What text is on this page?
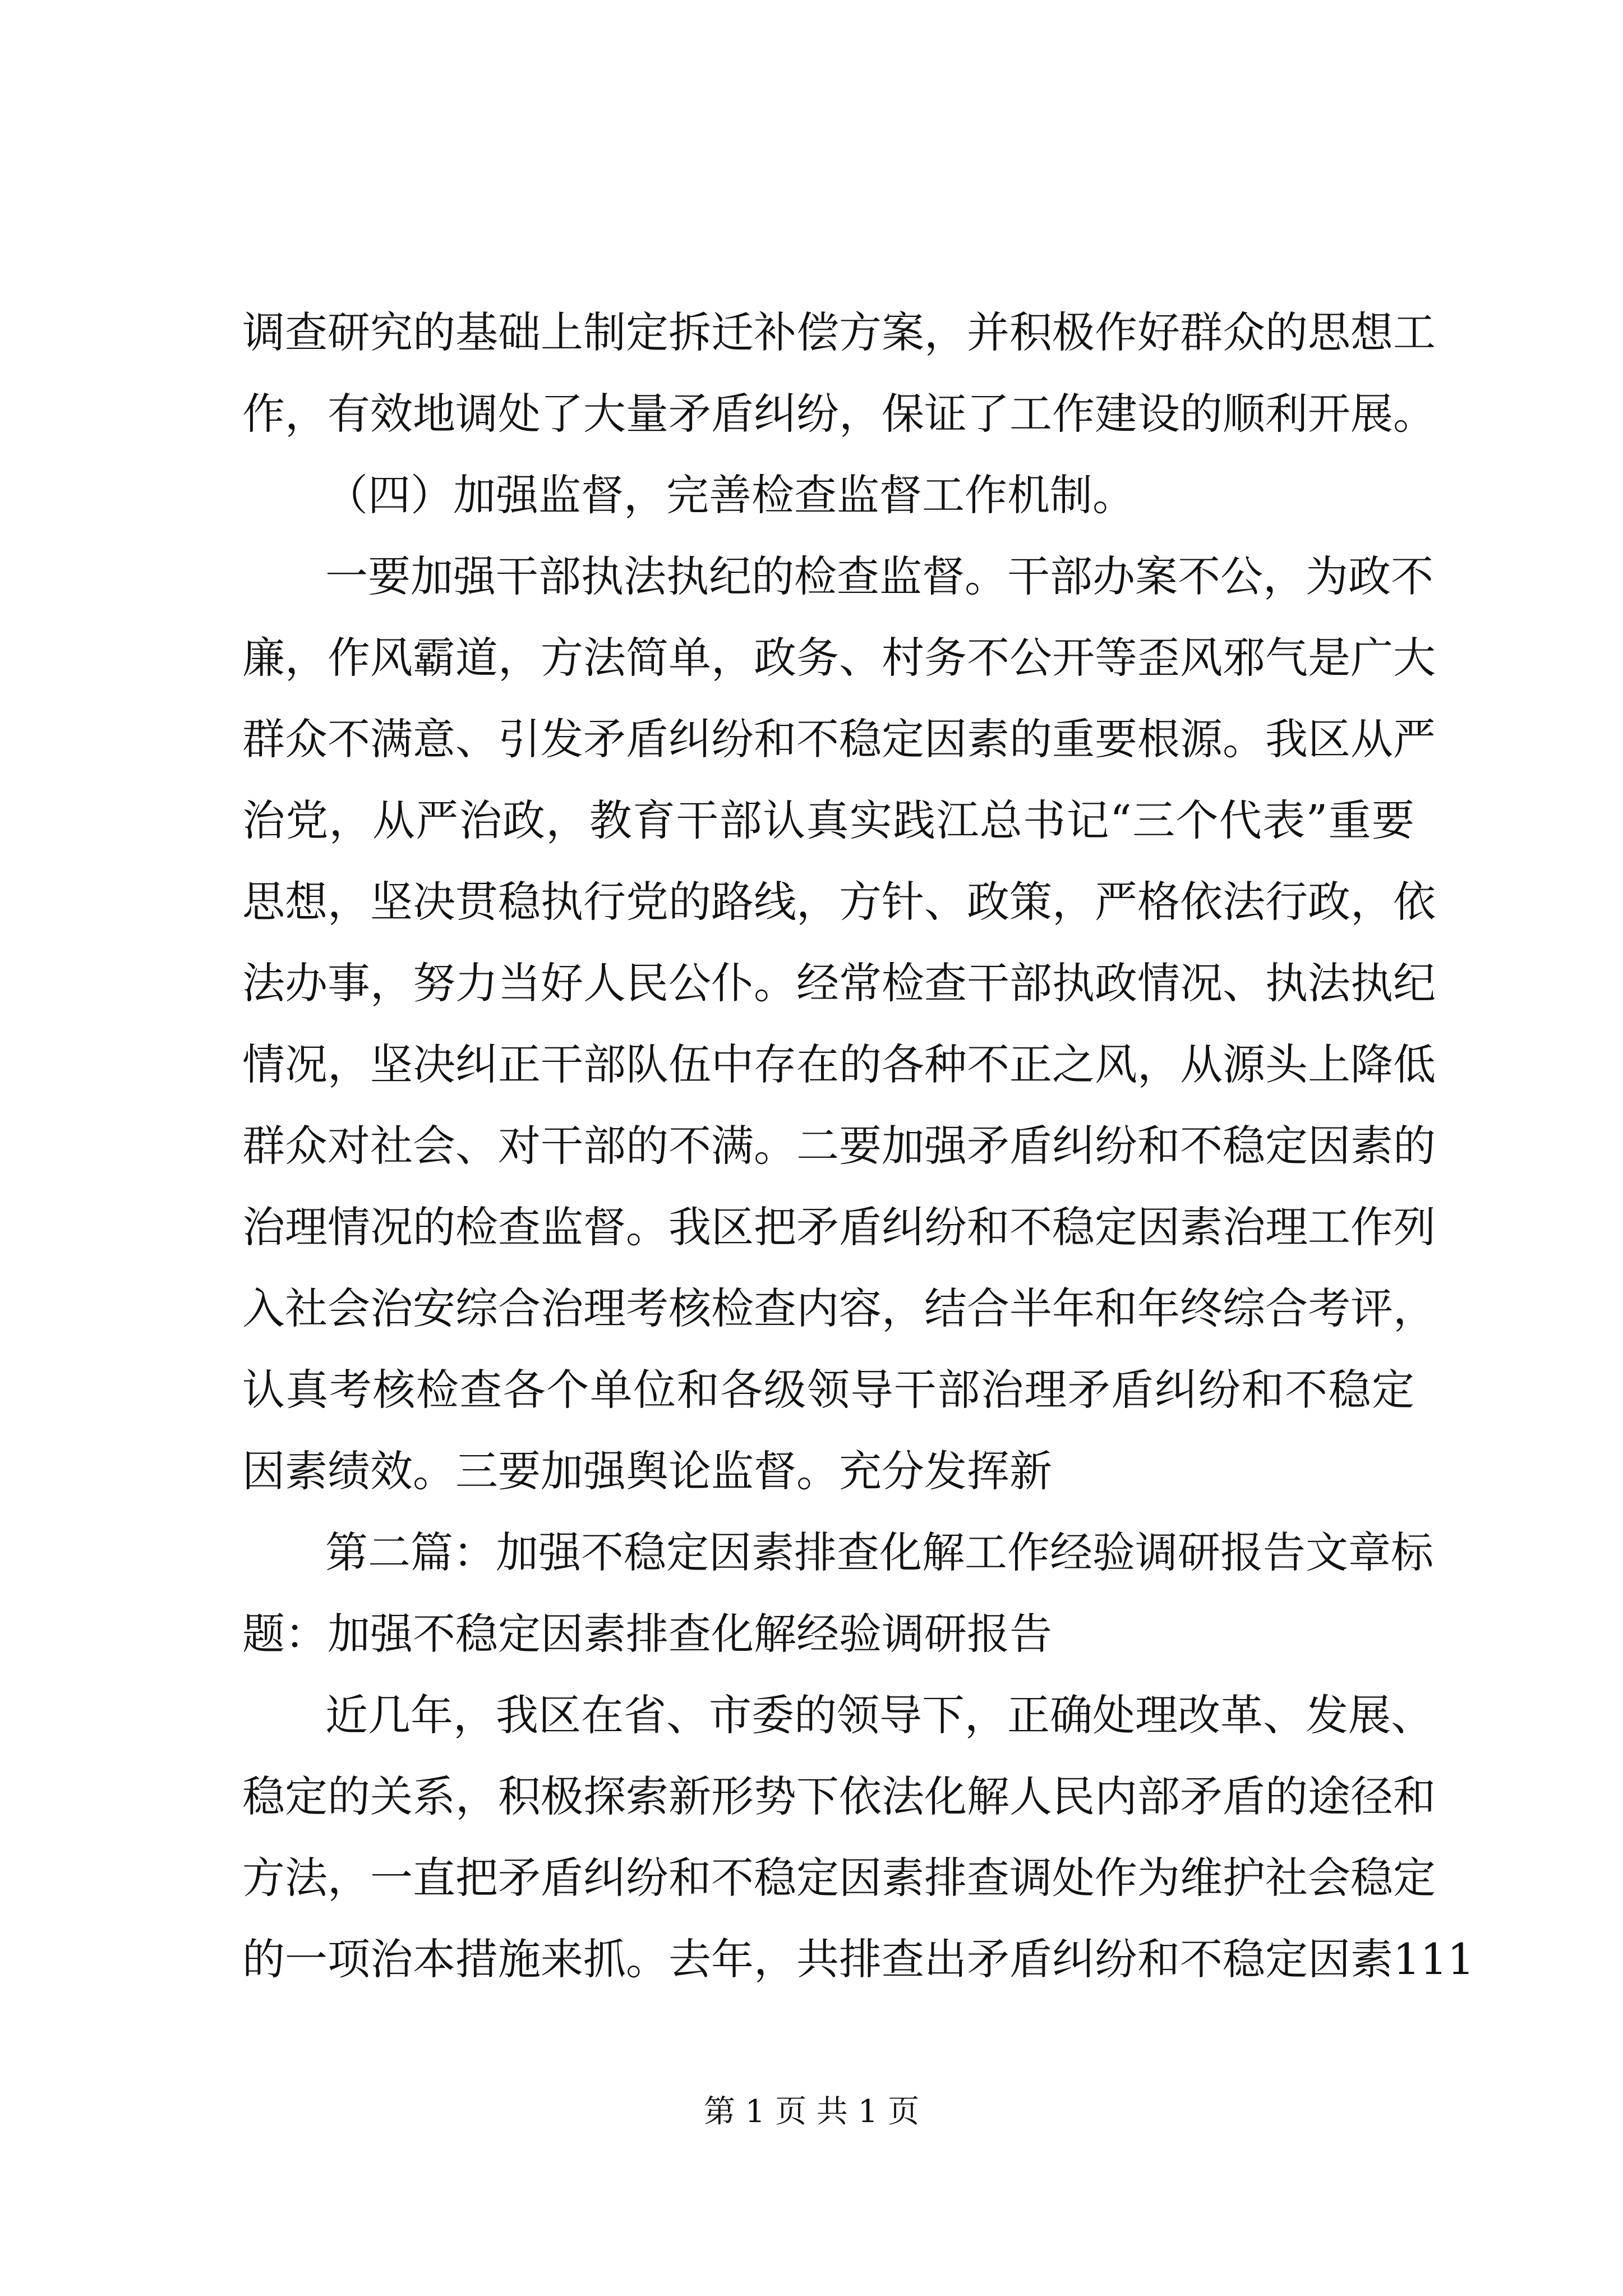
调查研究的基础上制定拆迁补偿方案，并积极作好群众的思想工
作，有效地调处了大量矛盾纠纷，保证了工作建设的顺利开展。
（四）加强监督，完善检查监督工作机制。
一要加强干部执法执纪的检查监督。干部办案不公，为政不
廉，作风霸道，方法简单，政务、村务不公开等歪风邪气是广大
群众不满意、引发矛盾纠纷和不稳定因素的重要根源。我区从严
治党，从严治政，教育干部认真实践江总书记“三个代表”重要
思想，坚决贯稳执行党的路线，方针、政策，严格依法行政，依
法办事，努力当好人民公仆。经常检查干部执政情况、执法执纪
情况，坚决纠正干部队伍中存在的各种不正之风，从源头上降低
群众对社会、对干部的不满。二要加强矛盾纠纷和不稳定因素的
治理情况的检查监督。我区把矛盾纠纷和不稳定因素治理工作列
入社会治安综合治理考核检查内容，结合半年和年终综合考评，
认真考核检查各个单位和各级领导干部治理矛盾纠纷和不稳定
因素绩效。三要加强舆论监督。充分发挥新
第二篇：加强不稳定因素排查化解工作经验调研报告文章标
题：加强不稳定因素排查化解经验调研报告
近几年，我区在省、市委的领导下，正确处理改革、发展、
稳定的关系，积极探索新形势下依法化解人民内部矛盾的途径和
方法，一直把矛盾纠纷和不稳定因素排查调处作为维护社会稳定
的一项治本措施来抓。去年，共排查出矛盾纠纷和不稳定因素111
第 1 页 共 1 页
